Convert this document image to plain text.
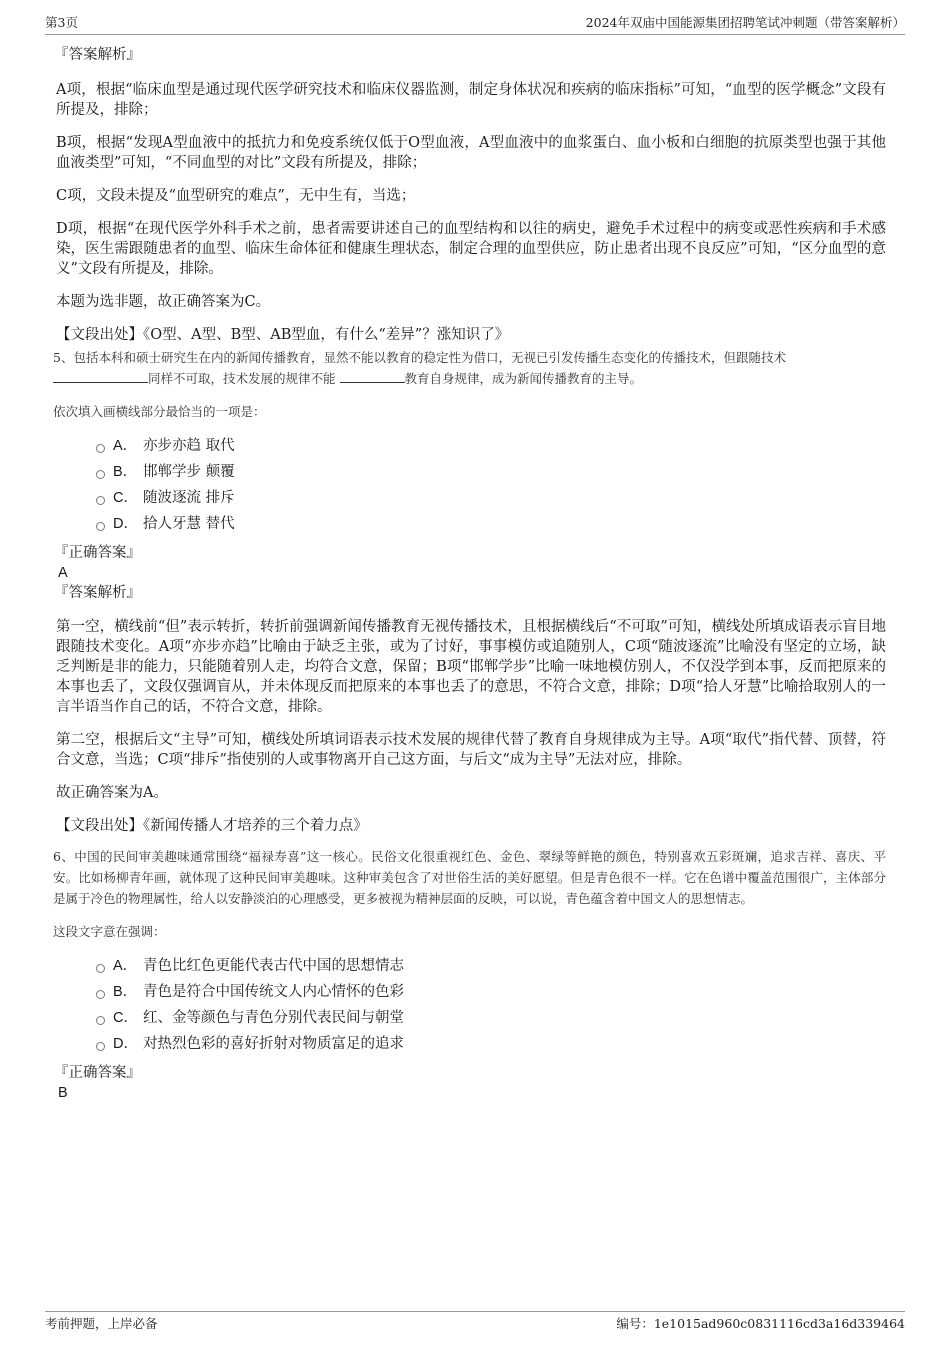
第3页	2024年双庙中国能源集团招聘笔试冲刺题（带答案解析）
『答案解析』
A项，根据“临床血型是通过现代医学研究技术和临床仪器监测，制定身体状况和疾病的临床指标”可知，“血型的医学概念”文段有所提及，排除；
B项，根据“发现A型血液中的抵抗力和免疫系统仅低于O型血液，A型血液中的血浆蛋白、血小板和白细胞的抗原类型也强于其他血液类型”可知，“不同血型的对比”文段有所提及，排除；
C项，文段未提及“血型研究的难点”，无中生有，当选；
D项，根据“在现代医学外科手术之前，患者需要讲述自己的血型结构和以往的病史，避免手术过程中的病变或恶性疾病和手术感染，医生需跟随患者的血型、临床生命体征和健康生理状态，制定合理的血型供应，防止患者出现不良反应”可知，“区分血型的意义”文段有所提及，排除。
本题为选非题，故正确答案为C。
【文段出处】《O型、A型、B型、AB型血，有什么“差异”？涨知识了》
5、包括本科和硕士研究生在内的新闻传播教育，显然不能以教育的稳定性为借口，无视已引发传播生态变化的传播技术，但跟随技术
同样不可取，技术发展的规律不能	教育自身规律，成为新闻传播教育的主导。
依次填入画横线部分最恰当的一项是：
A． 亦步亦趋 取代
B． 邯郸学步 颠覆
C． 随波逐流 排斥
D． 拾人牙慧 替代
『正确答案』
A
『答案解析』
第一空，横线前“但”表示转折，转折前强调新闻传播教育无视传播技术，且根据横线后“不可取”可知，横线处所填成语表示盲目地跟随技术变化。A项“亦步亦趋”比喻由于缺乏主张，或为了讨好，事事模仿或追随别人，C项“随波逐流”比喻没有坚定的立场，缺乏判断是非的能力，只能随着别人走，均符合文意，保留；B项“邯郸学步”比喻一味地模仿别人，不仅没学到本事，反而把原来的本事也丢了，文段仅强调盲从，并未体现反而把原来的本事也丢了的意思，不符合文意，排除；D项“拾人牙慧”比喻拾取别人的一言半语当作自己的话，不符合文意，排除。
第二空，根据后文“主导”可知，横线处所填词语表示技术发展的规律代替了教育自身规律成为主导。A项“取代”指代替、顶替，符合文意，当选；C项“排斥”指使别的人或事物离开自己这方面，与后文“成为主导”无法对应，排除。
故正确答案为A。
【文段出处】《新闻传播人才培养的三个着力点》
6、中国的民间审美趣味通常围绕“福禄寿喜”这一核心。民俗文化很重视红色、金色、翠绿等鲜艳的颜色，特别喜欢五彩斑斓，追求吉祥、喜庆、平安。比如杨柳青年画，就体现了这种民间审美趣味。这种审美包含了对世俗生活的美好愿望。但是青色很不一样。它在色谱中覆盖范围很广，主体部分是属于冷色的物理属性，给人以安静淡泊的心理感受，更多被视为精神层面的反映，可以说，青色蕴含着中国文人的思想情志。
这段文字意在强调：
A． 青色比红色更能代表古代中国的思想情志
B． 青色是符合中国传统文人内心情怀的色彩
C． 红、金等颜色与青色分别代表民间与朝堂
D． 对热烈色彩的喜好折射对物质富足的追求
『正确答案』
B
考前押题，上岸必备	编号：1e1015ad960c0831116cd3a16d339464
